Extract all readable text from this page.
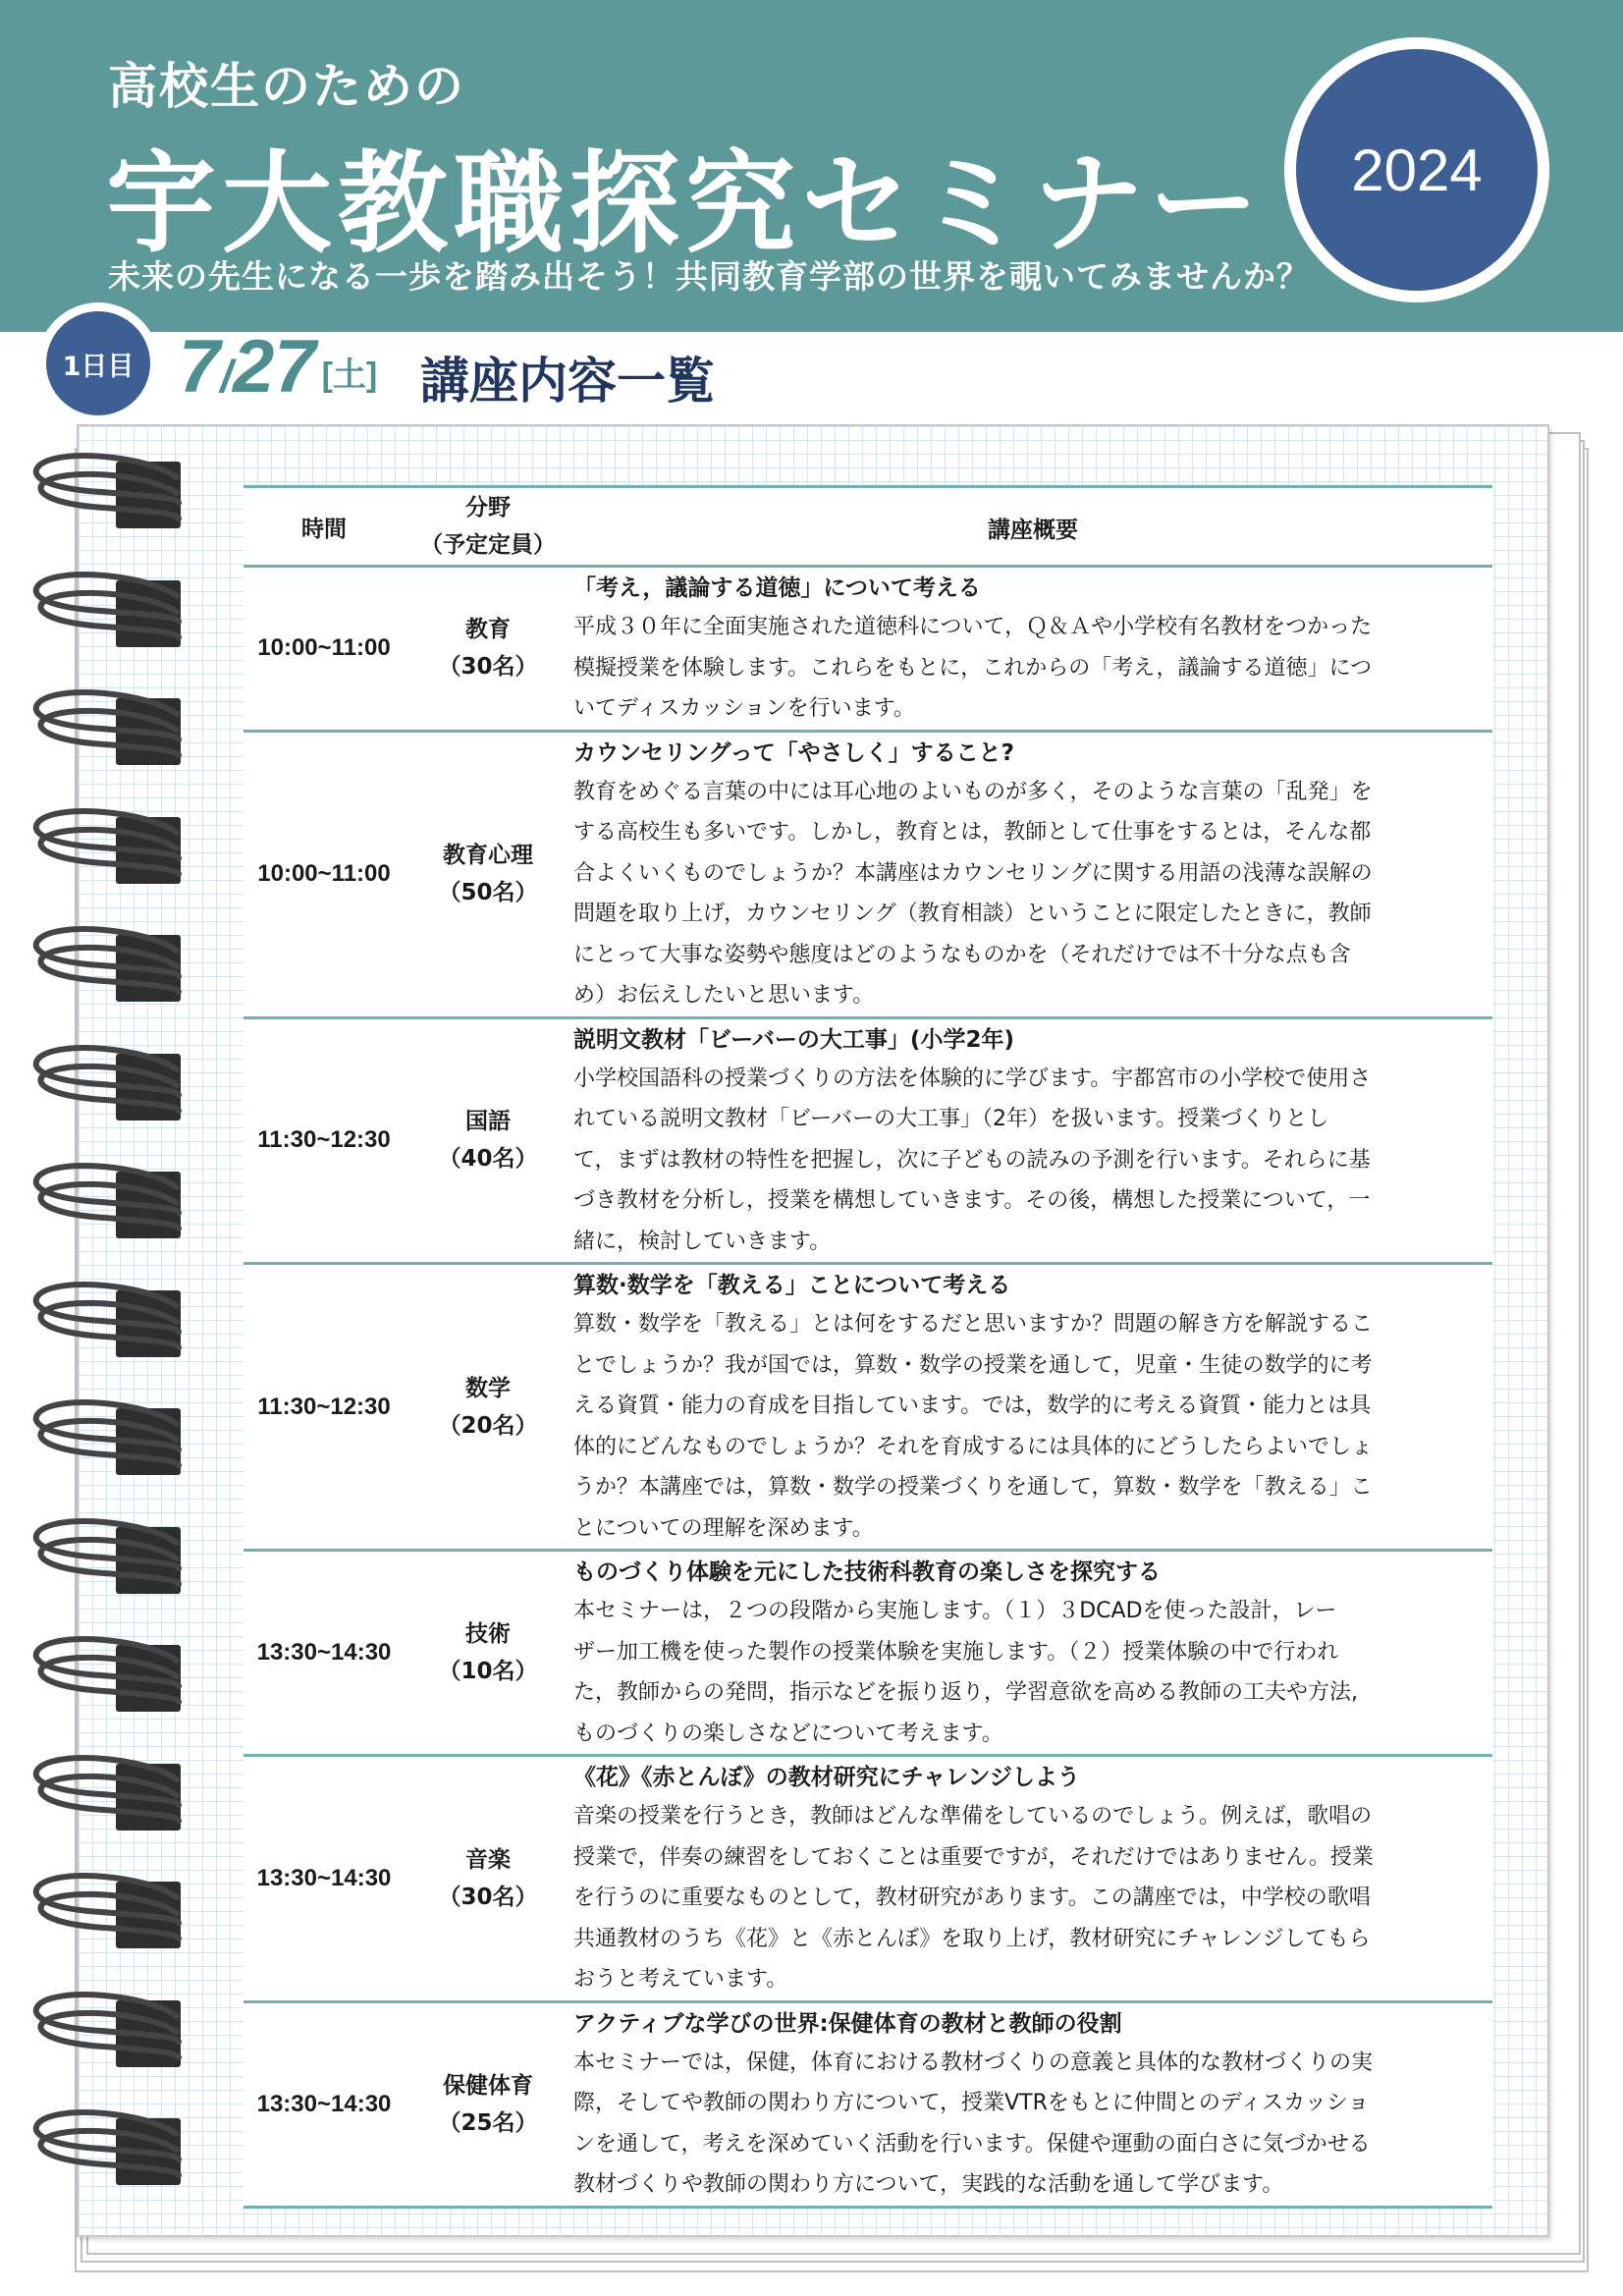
高校生のための
宇大教職探究セミナー
未来の先生になる一歩を踏み出そう！共同教育学部の世界を覗いてみませんか？
2024
1日目 7/27 [土] 講座内容一覧
時間
分野
（予定定員）
講座概要
10:00~11:00
教育
（30名）
「考え，議論する道徳」について考える
平成３０年に全面実施された道徳科について，Ｑ＆Ａや小学校有名教材をつかった
模擬授業を体験します。これらをもとに，これからの「考え，議論する道徳」につ
いてディスカッションを行います。
10:00~11:00
教育心理
（50名）
カウンセリングって「やさしく」すること?
教育をめぐる言葉の中には耳心地のよいものが多く，そのような言葉の「乱発」を
する高校生も多いです。しかし，教育とは，教師として仕事をするとは，そんな都
合よくいくものでしょうか？本講座はカウンセリングに関する用語の浅薄な誤解の
問題を取り上げ，カウンセリング（教育相談）ということに限定したときに，教師
にとって大事な姿勢や態度はどのようなものかを（それだけでは不十分な点も含
め）お伝えしたいと思います。
11:30~12:30
国語
（40名）
説明文教材「ビーバーの大工事」(小学2年)
小学校国語科の授業づくりの方法を体験的に学びます。宇都宮市の小学校で使用さ
れている説明文教材「ビーバーの大工事」（2年）を扱います。授業づくりとし
て，まずは教材の特性を把握し，次に子どもの読みの予測を行います。それらに基
づき教材を分析し，授業を構想していきます。その後，構想した授業について，一
緒に，検討していきます。
11:30~12:30
数学
（20名）
算数·数学を「教える」ことについて考える
算数・数学を「教える」とは何をするだと思いますか？問題の解き方を解説するこ
とでしょうか？我が国では，算数・数学の授業を通して，児童・生徒の数学的に考
える資質・能力の育成を目指しています。では，数学的に考える資質・能力とは具
体的にどんなものでしょうか？それを育成するには具体的にどうしたらよいでしょ
うか？本講座では，算数・数学の授業づくりを通して，算数・数学を「教える」こ
とについての理解を深めます。
13:30~14:30
技術
（10名）
ものづくり体験を元にした技術科教育の楽しさを探究する
本セミナーは，２つの段階から実施します。（１）３DCADを使った設計，レー
ザー加工機を使った製作の授業体験を実施します。（２）授業体験の中で行われ
た，教師からの発問，指示などを振り返り，学習意欲を高める教師の工夫や方法,
ものづくりの楽しさなどについて考えます。
13:30~14:30
音楽
（30名）
《花》《赤とんぼ》の教材研究にチャレンジしよう
音楽の授業を行うとき，教師はどんな準備をしているのでしょう。例えば，歌唱の
授業で，伴奏の練習をしておくことは重要ですが，それだけではありません。授業
を行うのに重要なものとして，教材研究があります。この講座では，中学校の歌唱
共通教材のうち《花》と《赤とんぼ》を取り上げ，教材研究にチャレンジしてもら
おうと考えています。
13:30~14:30
保健体育
（25名）
アクティブな学びの世界:保健体育の教材と教師の役割
本セミナーでは，保健，体育における教材づくりの意義と具体的な教材づくりの実
際，そしてや教師の関わり方について，授業VTRをもとに仲間とのディスカッショ
ンを通して，考えを深めていく活動を行います。保健や運動の面白さに気づかせる
教材づくりや教師の関わり方について，実践的な活動を通して学びます。
